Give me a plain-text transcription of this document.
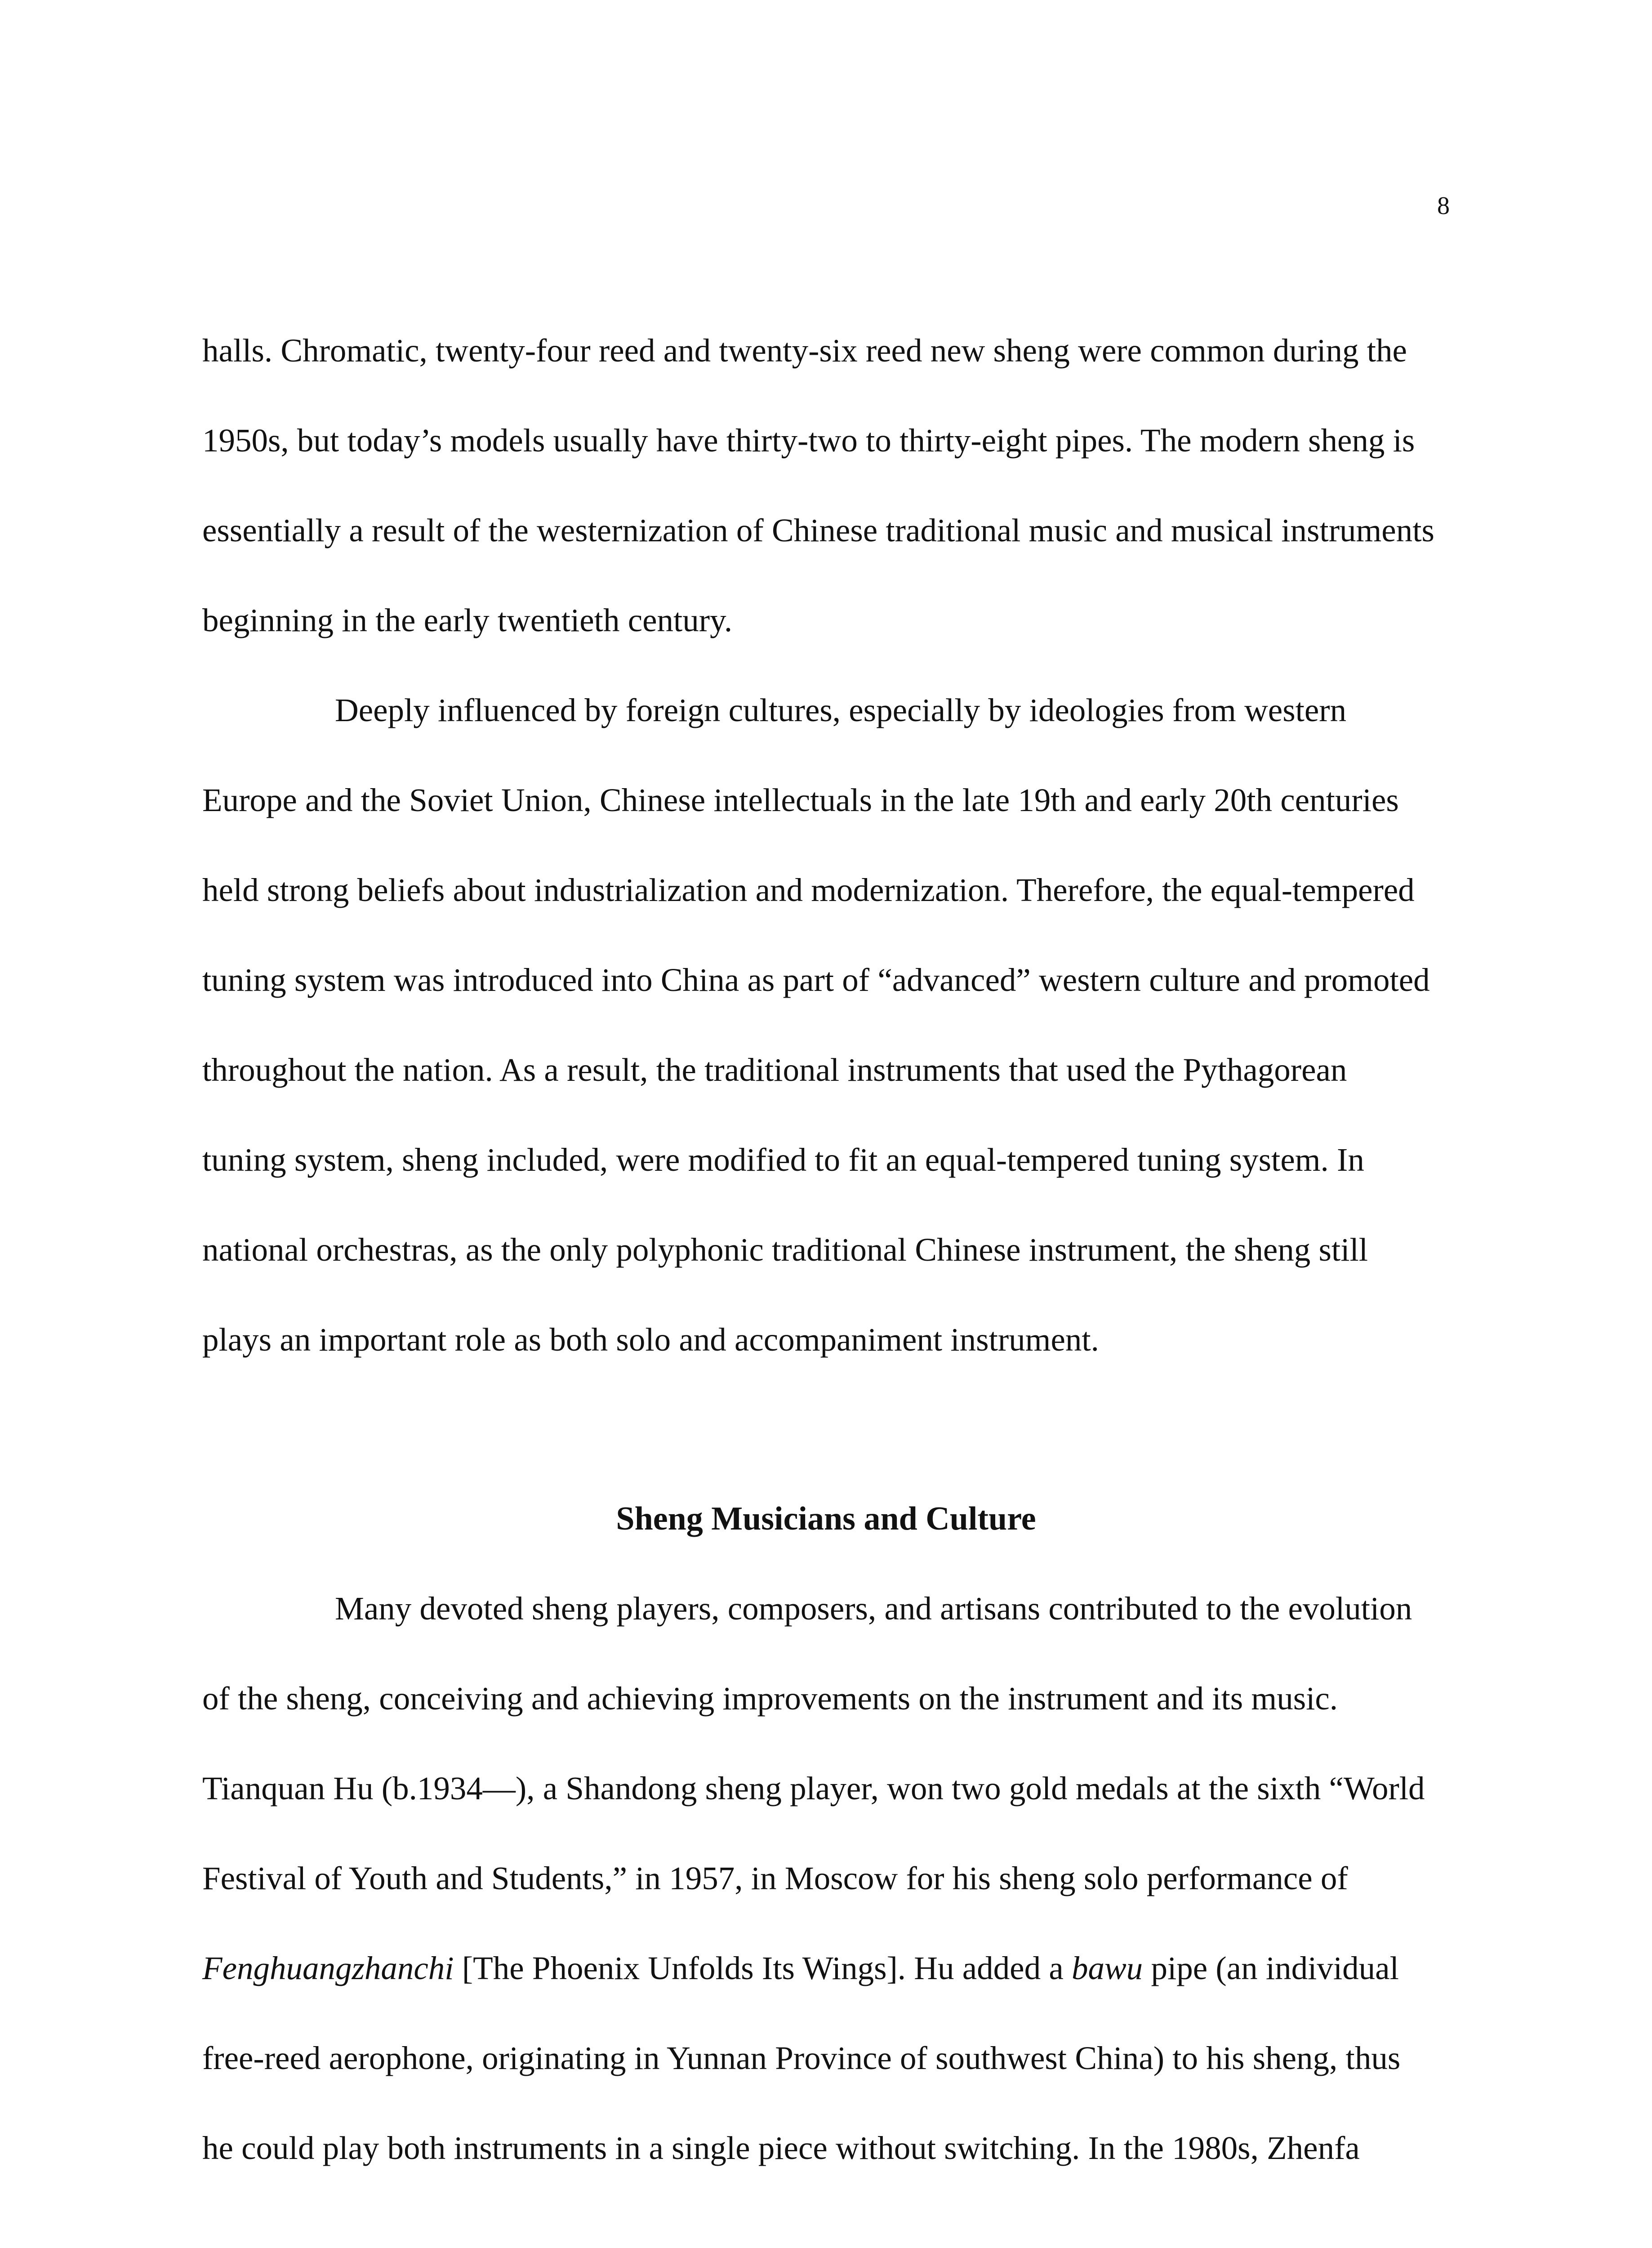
8
halls. Chromatic, twenty-four reed and twenty-six reed new sheng were common during the
1950s, but today’s models usually have thirty-two to thirty-eight pipes. The modern sheng is
essentially a result of the westernization of Chinese traditional music and musical instruments
beginning in the early twentieth century.
Deeply influenced by foreign cultures, especially by ideologies from western
Europe and the Soviet Union, Chinese intellectuals in the late 19th and early 20th centuries
held strong beliefs about industrialization and modernization. Therefore, the equal-tempered
tuning system was introduced into China as part of “advanced” western culture and promoted
throughout the nation. As a result, the traditional instruments that used the Pythagorean
tuning system, sheng included, were modified to fit an equal-tempered tuning system. In
national orchestras, as the only polyphonic traditional Chinese instrument, the sheng still
plays an important role as both solo and accompaniment instrument.
Sheng Musicians and Culture
Many devoted sheng players, composers, and artisans contributed to the evolution
of the sheng, conceiving and achieving improvements on the instrument and its music.
Tianquan Hu (b.1934—), a Shandong sheng player, won two gold medals at the sixth “World
Festival of Youth and Students,” in 1957, in Moscow for his sheng solo performance of
Fenghuangzhanchi [The Phoenix Unfolds Its Wings]. Hu added a bawu pipe (an individual
free-reed aerophone, originating in Yunnan Province of southwest China) to his sheng, thus
he could play both instruments in a single piece without switching. In the 1980s, Zhenfa
